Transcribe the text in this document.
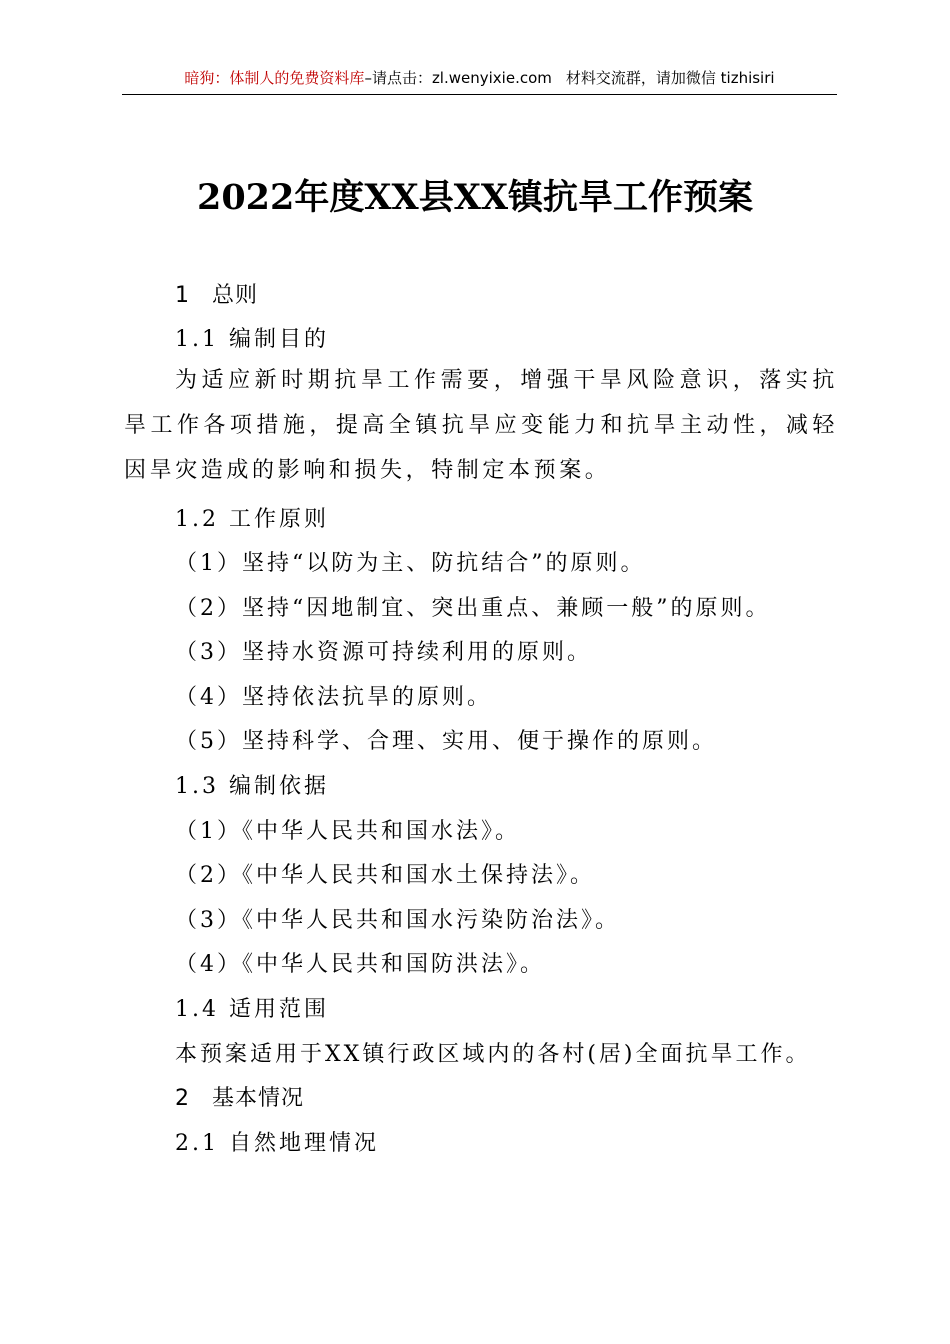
暗狗：体制人的免费资料库–请点击：zl.wenyixie.com 材料交流群，请加微信 tizhisiri
2022年度XX县XX镇抗旱工作预案
1 总则
1.1 编制目的
为适应新时期抗旱工作需要，增强干旱风险意识，落实抗旱工作各项措施，提高全镇抗旱应变能力和抗旱主动性，减轻因旱灾造成的影响和损失，特制定本预案。
1.2 工作原则
（1）坚持“以防为主、防抗结合”的原则。
（2）坚持“因地制宜、突出重点、兼顾一般”的原则。
（3）坚持水资源可持续利用的原则。
（4）坚持依法抗旱的原则。
（5）坚持科学、合理、实用、便于操作的原则。
1.3 编制依据
（1）《中华人民共和国水法》。
（2）《中华人民共和国水土保持法》。
（3）《中华人民共和国水污染防治法》。
（4）《中华人民共和国防洪法》。
1.4 适用范围
本预案适用于XX镇行政区域内的各村(居)全面抗旱工作。
2 基本情况
2.1 自然地理情况
